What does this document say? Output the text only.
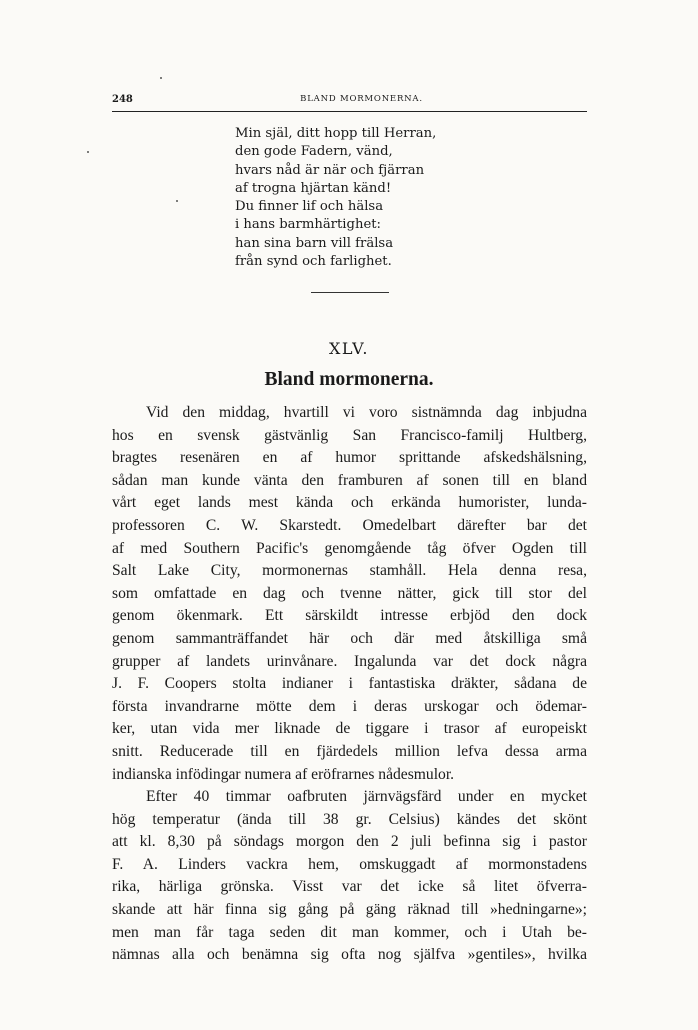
248	BLAND MORMONERNA.
Min själ, ditt hopp till Herran,
den gode Fadern, vänd,
hvars nåd är när och fjärran
af trogna hjärtan känd!
Du finner lif och hälsa
i hans barmhärtighet:
han sina barn vill frälsa
från synd och farlighet.
XLV.
Bland mormonerna.
Vid den middag, hvartill vi voro sistnämnda dag inbjudna
hos en svensk gästvänlig San Francisco-familj Hultberg,
bragtes resenären en af humor sprittande afskedshälsning,
sådan man kunde vänta den framburen af sonen till en bland
vårt eget lands mest kända och erkända humorister, lunda-
professoren C. W. Skarstedt. Omedelbart därefter bar det
af med Southern Pacific's genomgående tåg öfver Ogden till
Salt Lake City, mormonernas stamhåll. Hela denna resa,
som omfattade en dag och tvenne nätter, gick till stor del
genom ökenmark. Ett särskildt intresse erbjöd den dock
genom sammanträffandet här och där med åtskilliga små
grupper af landets urinvånare. Ingalunda var det dock några
J. F. Coopers stolta indianer i fantastiska dräkter, sådana de
första invandrarne mötte dem i deras urskogar och ödemar-
ker, utan vida mer liknade de tiggare i trasor af europeiskt
snitt. Reducerade till en fjärdedels million lefva dessa arma
indianska infödingar numera af eröfrarnes nådesmulor.
Efter 40 timmar oafbruten järnvägsfärd under en mycket
hög temperatur (ända till 38 gr. Celsius) kändes det skönt
att kl. 8,30 på söndags morgon den 2 juli befinna sig i pastor
F. A. Linders vackra hem, omskuggadt af mormonstadens
rika, härliga grönska. Visst var det icke så litet öfverra-
skande att här finna sig gång på gäng räknad till »hedningarne»;
men man får taga seden dit man kommer, och i Utah be-
nämnas alla och benämna sig ofta nog själfva »gentiles», hvilka
